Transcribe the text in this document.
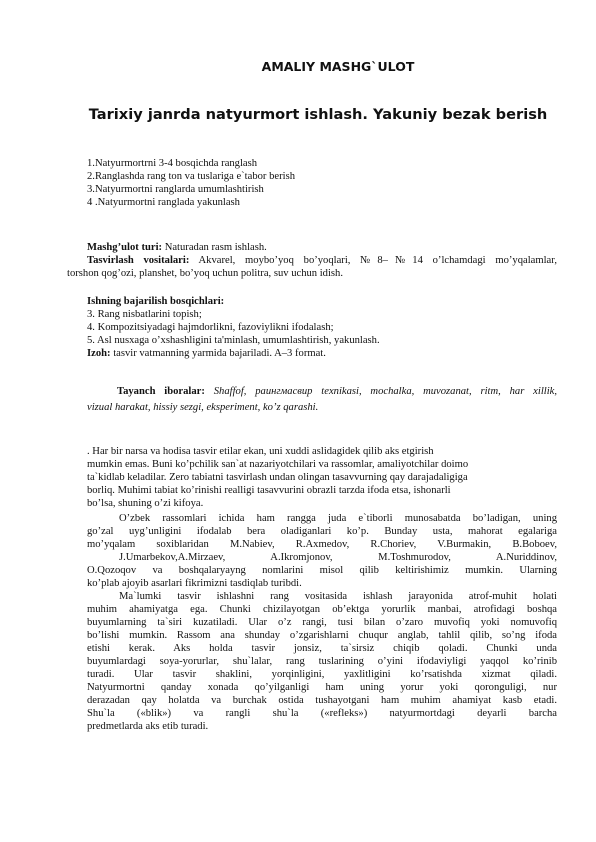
AMALIY MASHG`ULOT
Tarixiy janrda natyurmort ishlash. Yakuniy bezak berish
1.Natyurmortrni 3-4 bosqichda ranglash
2.Ranglashda rang ton va tuslariga e`tabor berish
3.Natyurmortni ranglarda umumlashtirish
4 .Natyurmortni ranglada yakunlash
Mashg’ulot turi: Naturadan rasm ishlash.
Tasvirlash vositalari: Akvarel, moybo’yoq bo’yoqlari, №8–№14 o’lchamdagi mo’yqalamlar,
torshon qog’ozi, planshet, bo’yoq uchun politra, suv uchun idish.
Ishning bajarilish bosqichlari:
3. Rang nisbatlarini topish;
4. Kompozitsiyadagi hajmdorlikni, fazoviylikni ifodalash;
5. Asl nusxaga o’xshashligini ta'minlash, umumlashtirish, yakunlash.
Izoh: tasvir vatmanning yarmida bajariladi. A–3 format.
Tayanch iboralar: Shaffof, раингмасвир texnikasi, mochalka, muvozanat, ritm, har xillik,
vizual harakat, hissiy sezgi, eksperiment, ko’z qarashi.
. Har bir narsa va hodisa tasvir etilar ekan, uni xuddi aslidagidek qilib aks etgirish
mumkin emas. Buni ko’pchilik san`at nazariyotchilari va rassomlar, amaliyotchilar doimo
ta`kidlab keladilar. Zero tabiatni tasvirlash undan olingan tasavvurning qay darajadaligiga
borliq. Muhimi tabiat ko’rinishi realligi tasavvurini obrazli tarzda ifoda etsa, ishonarli
bo’lsa, shuning o’zi kifoya.
O’zbek rassomlari ichida ham rangga juda e`tiborli munosabatda bo’ladigan, uning
go’zal uyg’unligini ifodalab bera oladiganlari ko’p. Bunday usta, mahorat egalariga
mo’yqalam soxiblaridan M.Nabiev, R.Axmedov, R.Choriev, V.Burmakin, B.Boboev,
J.Umarbekov,A.Mirzaev, A.Ikromjonov, M.Toshmurodov, A.Nuriddinov,
O.Qozoqov va boshqalaryayng nomlarini misol qilib keltirishimiz mumkin. Ularning
ko’plab ajoyib asarlari fikrimizni tasdiqlab turibdi.
Ma`lumki tasvir ishlashni rang vositasida ishlash jarayonida atrof-muhit holati
muhim ahamiyatga ega. Chunki chizilayotgan ob’ektga yorurlik manbai, atrofidagi boshqa
buyumlarning ta`siri kuzatiladi. Ular o’z rangi, tusi bilan o’zaro muvofiq yoki nomuvofiq
bo’lishi mumkin. Rassom ana shunday o’zgarishlarni chuqur anglab, tahlil qilib, so’ng ifoda
etishi kerak. Aks holda tasvir jonsiz, ta`sirsiz chiqib qoladi. Chunki unda
buyumlardagi soya-yorurlar, shu`lalar, rang tuslarining o’yini ifodaviyligi yaqqol ko’rinib
turadi. Ular tasvir shaklini, yorqinligini, yaxlitligini ko’rsatishda xizmat qiladi.
Natyurmortni qanday xonada qo’yilganligi ham uning yorur yoki qoronguligi, nur
derazadan qay holatda va burchak ostida tushayotgani ham muhim ahamiyat kasb etadi.
Shu`la («blik») va rangli shu`la («refleks») natyurmortdagi deyarli barcha
predmetlarda aks etib turadi.
